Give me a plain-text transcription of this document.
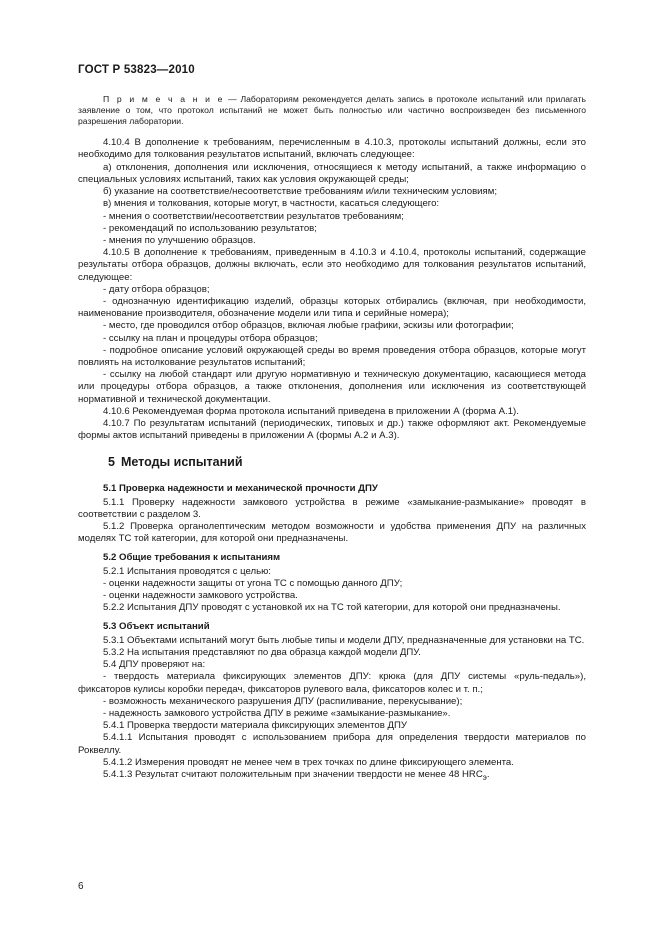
ГОСТ Р 53823—2010

П р и м е ч а н и е — Лабораториям рекомендуется делать запись в протоколе испытаний или прилагать заявление о том, что протокол испытаний не может быть полностью или частично воспроизведен без письменного разрешения лаборатории.

4.10.4 В дополнение к требованиям, перечисленным в 4.10.3, протоколы испытаний должны, если это необходимо для толкования результатов испытаний, включать следующее:

а) отклонения, дополнения или исключения, относящиеся к методу испытаний, а также информацию о специальных условиях испытаний, таких как условия окружающей среды;

б) указание на соответствие/несоответствие требованиям и/или техническим условиям;

в) мнения и толкования, которые могут, в частности, касаться следующего:

- мнения о соответствии/несоответствии результатов требованиям;

- рекомендаций по использованию результатов;

- мнения по улучшению образцов.

4.10.5 В дополнение к требованиям, приведенным в 4.10.3 и 4.10.4, протоколы испытаний, содержащие результаты отбора образцов, должны включать, если это необходимо для толкования результатов испытаний, следующее:

- дату отбора образцов;

- однозначную идентификацию изделий, образцы которых отбирались (включая, при необходимости, наименование производителя, обозначение модели или типа и серийные номера);

- место, где проводился отбор образцов, включая любые графики, эскизы или фотографии;

- ссылку на план и процедуры отбора образцов;

- подробное описание условий окружающей среды во время проведения отбора образцов, которые могут повлиять на истолкование результатов испытаний;

- ссылку на любой стандарт или другую нормативную и техническую документацию, касающиеся метода или процедуры отбора образцов, а также отклонения, дополнения или исключения из соответствующей нормативной и технической документации.

4.10.6 Рекомендуемая форма протокола испытаний приведена в приложении А (форма А.1).

4.10.7 По результатам испытаний (периодических, типовых и др.) также оформляют акт. Рекомендуемые формы актов испытаний приведены в приложении А (формы А.2 и А.3).

5 Методы испытаний

5.1 Проверка надежности и механической прочности ДПУ

5.1.1 Проверку надежности замкового устройства в режиме «замыкание-размыкание» проводят в соответствии с разделом 3.

5.1.2 Проверка органолептическим методом возможности и удобства применения ДПУ на различных моделях ТС той категории, для которой они предназначены.

5.2 Общие требования к испытаниям

5.2.1 Испытания проводятся с целью:

- оценки надежности защиты от угона ТС с помощью данного ДПУ;

- оценки надежности замкового устройства.

5.2.2 Испытания ДПУ проводят с установкой их на ТС той категории, для которой они предназначены.

5.3 Объект испытаний

5.3.1 Объектами испытаний могут быть любые типы и модели ДПУ, предназначенные для установки на ТС.

5.3.2 На испытания представляют по два образца каждой модели ДПУ.

5.4 ДПУ проверяют на:

- твердость материала фиксирующих элементов ДПУ: крюка (для ДПУ системы «руль-педаль»), фиксаторов кулисы коробки передач, фиксаторов рулевого вала, фиксаторов колес и т. п.;

- возможность механического разрушения ДПУ (распиливание, перекусывание);

- надежность замкового устройства ДПУ в режиме «замыкание-размыкание».

5.4.1 Проверка твердости материала фиксирующих элементов ДПУ

5.4.1.1 Испытания проводят с использованием прибора для определения твердости материалов по Роквеллу.

5.4.1.2 Измерения проводят не менее чем в трех точках по длине фиксирующего элемента.

5.4.1.3 Результат считают положительным при значении твердости не менее 48 $HRC_э$.

6
